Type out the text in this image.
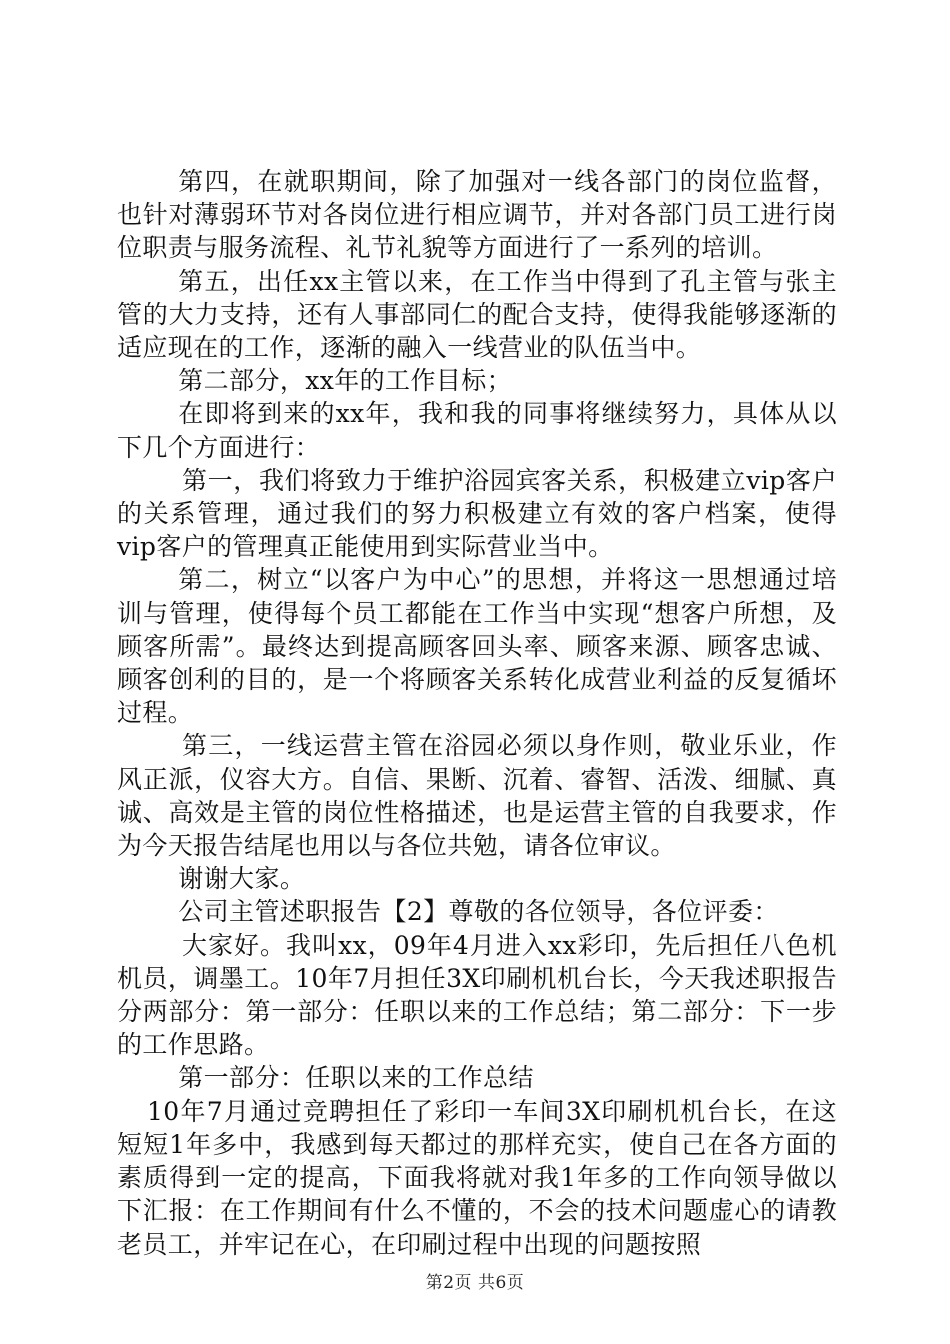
第四，在就职期间，除了加强对一线各部门的岗位监督，也针对薄弱环节对各岗位进行相应调节，并对各部门员工进行岗位职责与服务流程、礼节礼貌等方面进行了一系列的培训。

第五，出任xx主管以来，在工作当中得到了孔主管与张主管的大力支持，还有人事部同仁的配合支持，使得我能够逐渐的适应现在的工作，逐渐的融入一线营业的队伍当中。

第二部分，xx年的工作目标；

在即将到来的xx年，我和我的同事将继续努力，具体从以下几个方面进行：

第一，我们将致力于维护浴园宾客关系，积极建立vip客户的关系管理，通过我们的努力积极建立有效的客户档案，使得vip客户的管理真正能使用到实际营业当中。

第二，树立“以客户为中心”的思想，并将这一思想通过培训与管理，使得每个员工都能在工作当中实现“想客户所想，及顾客所需”。最终达到提高顾客回头率、顾客来源、顾客忠诚、顾客创利的目的，是一个将顾客关系转化成营业利益的反复循坏过程。

第三，一线运营主管在浴园必须以身作则，敬业乐业，作风正派，仪容大方。自信、果断、沉着、睿智、活泼、细腻、真诚、高效是主管的岗位性格描述，也是运营主管的自我要求，作为今天报告结尾也用以与各位共勉，请各位审议。

谢谢大家。

公司主管述职报告【2】尊敬的各位领导，各位评委：

大家好。我叫xx，09年4月进入xx彩印，先后担任八色机机员，调墨工。10年7月担任3X印刷机机台长，今天我述职报告分两部分：第一部分：任职以来的工作总结；第二部分：下一步的工作思路。

第一部分：任职以来的工作总结

10年7月通过竞聘担任了彩印一车间3X印刷机机台长，在这短短1年多中，我感到每天都过的那样充实，使自己在各方面的素质得到一定的提高，下面我将就对我1年多的工作向领导做以下汇报：在工作期间有什么不懂的，不会的技术问题虚心的请教老员工，并牢记在心，在印刷过程中出现的问题按照

第2页 共6页
